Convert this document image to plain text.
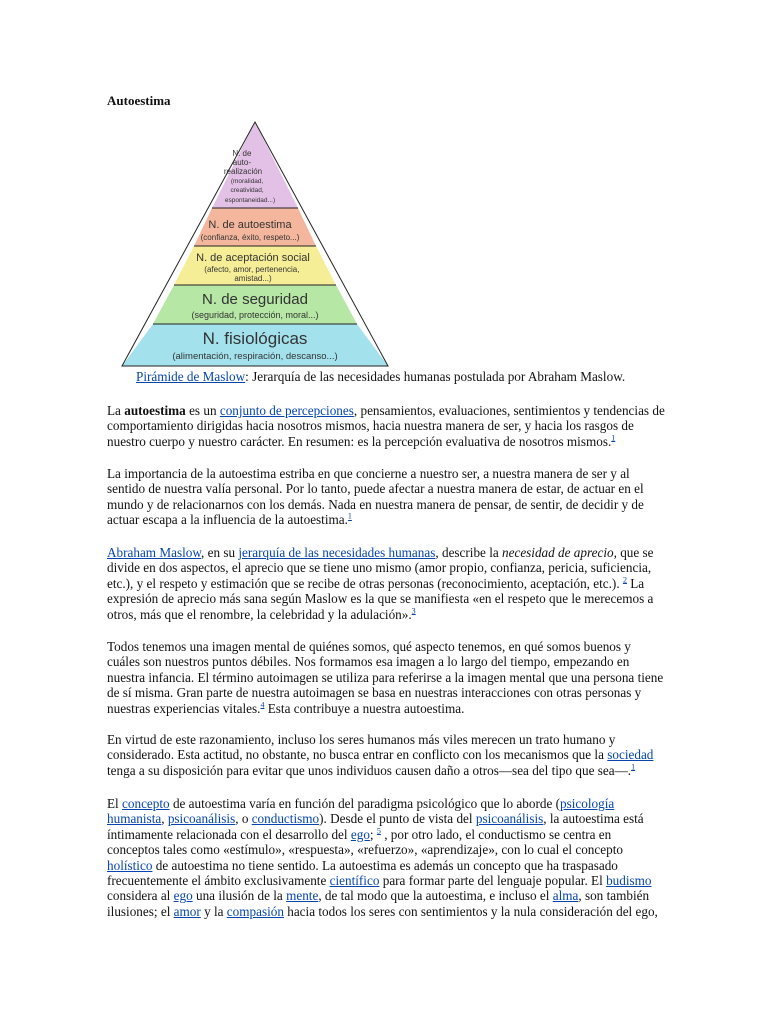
Autoestima
N. de auto- realización
(moralidad, creatividad, espontaneidad...)
N. de autoestima
(confianza, éxito, respeto...)
N. de aceptación social
(afecto, amor, pertenencia, amistad...)
N. de seguridad
(seguridad, protección, moral...)
N. fisiológicas
(alimentación, respiración, descanso...)
Pirámide de Maslow: Jerarquía de las necesidades humanas postulada por Abraham Maslow.

La autoestima es un conjunto de percepciones, pensamientos, evaluaciones, sentimientos y tendencias de comportamiento dirigidas hacia nosotros mismos, hacia nuestra manera de ser, y hacia los rasgos de nuestro cuerpo y nuestro carácter. En resumen: es la percepción evaluativa de nosotros mismos.$^1$

La importancia de la autoestima estriba en que concierne a nuestro ser, a nuestra manera de ser y al sentido de nuestra valía personal. Por lo tanto, puede afectar a nuestra manera de estar, de actuar en el mundo y de relacionarnos con los demás. Nada en nuestra manera de pensar, de sentir, de decidir y de actuar escapa a la influencia de la autoestima.$^1$

Abraham Maslow, en su jerarquía de las necesidades humanas, describe la necesidad de aprecio, que se divide en dos aspectos, el aprecio que se tiene uno mismo (amor propio, confianza, pericia, suficiencia, etc.), y el respeto y estimación que se recibe de otras personas (reconocimiento, aceptación, etc.). $^2$ La expresión de aprecio más sana según Maslow es la que se manifiesta «en el respeto que le merecemos a otros, más que el renombre, la celebridad y la adulación».$^3$

Todos tenemos una imagen mental de quiénes somos, qué aspecto tenemos, en qué somos buenos y cuáles son nuestros puntos débiles. Nos formamos esa imagen a lo largo del tiempo, empezando en nuestra infancia. El término autoimagen se utiliza para referirse a la imagen mental que una persona tiene de sí misma. Gran parte de nuestra autoimagen se basa en nuestras interacciones con otras personas y nuestras experiencias vitales.$^4$ Esta contribuye a nuestra autoestima.

En virtud de este razonamiento, incluso los seres humanos más viles merecen un trato humano y considerado. Esta actitud, no obstante, no busca entrar en conflicto con los mecanismos que la sociedad tenga a su disposición para evitar que unos individuos causen daño a otros—sea del tipo que sea—.$^1$

El concepto de autoestima varía en función del paradigma psicológico que lo aborde (psicología humanista, psicoanálisis, o conductismo). Desde el punto de vista del psicoanálisis, la autoestima está íntimamente relacionada con el desarrollo del ego; $^5$ , por otro lado, el conductismo se centra en conceptos tales como «estímulo», «respuesta», «refuerzo», «aprendizaje», con lo cual el concepto holístico de autoestima no tiene sentido. La autoestima es además un concepto que ha traspasado frecuentemente el ámbito exclusivamente científico para formar parte del lenguaje popular. El budismo considera al ego una ilusión de la mente, de tal modo que la autoestima, e incluso el alma, son también ilusiones; el amor y la compasión hacia todos los seres con sentimientos y la nula consideración del ego,
